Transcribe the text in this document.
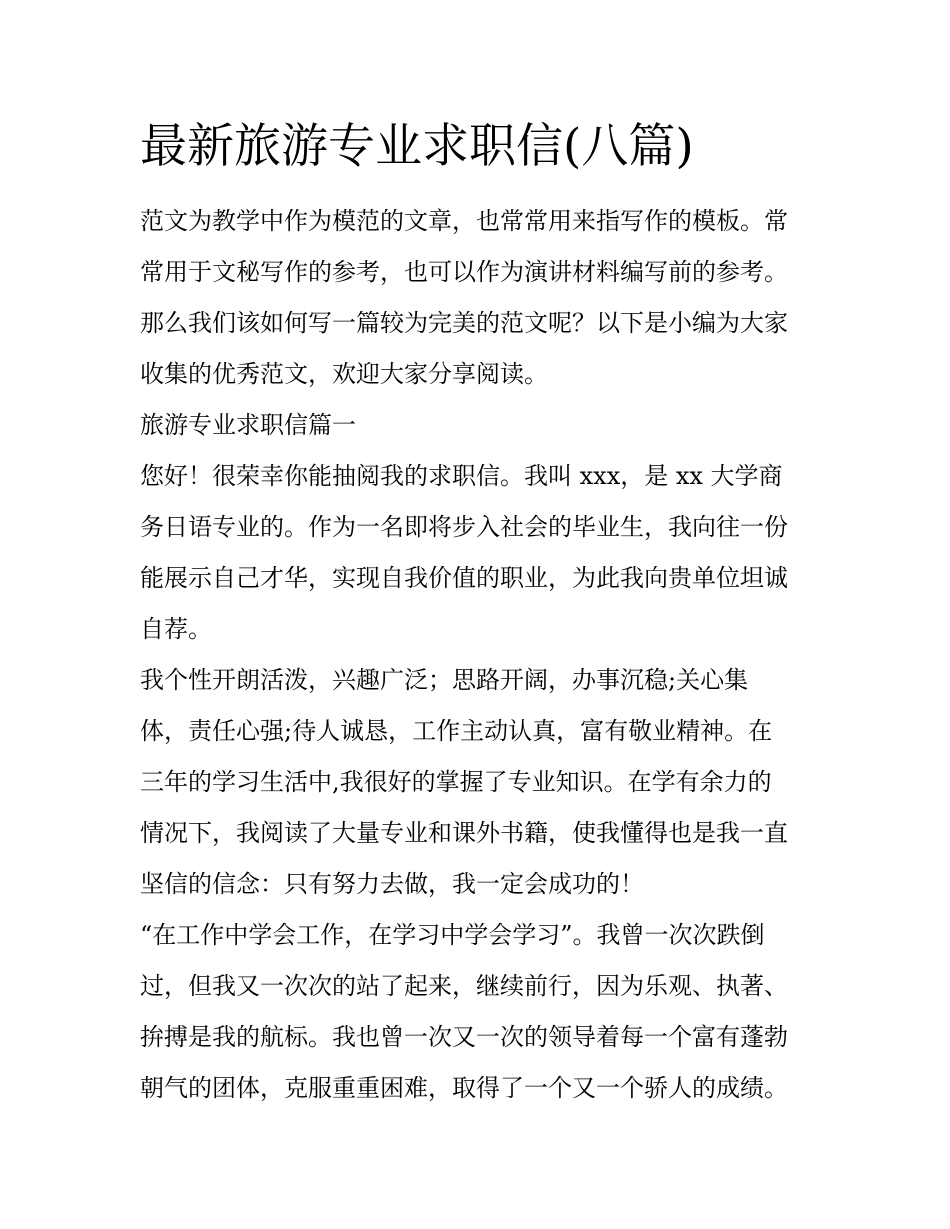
最新旅游专业求职信(八篇)

范文为教学中作为模范的文章，也常常用来指写作的模板。常

常用于文秘写作的参考，也可以作为演讲材料编写前的参考。

那么我们该如何写一篇较为完美的范文呢？以下是小编为大家

收集的优秀范文，欢迎大家分享阅读。

旅游专业求职信篇一

您好！很荣幸你能抽阅我的求职信。我叫 xxx，是 xx 大学商

务日语专业的。作为一名即将步入社会的毕业生，我向往一份

能展示自己才华，实现自我价值的职业，为此我向贵单位坦诚

自荐。

我个性开朗活泼，兴趣广泛；思路开阔，办事沉稳;关心集

体，责任心强;待人诚恳，工作主动认真，富有敬业精神。在

三年的学习生活中,我很好的掌握了专业知识。在学有余力的

情况下，我阅读了大量专业和课外书籍，使我懂得也是我一直

坚信的信念：只有努力去做，我一定会成功的！

“在工作中学会工作，在学习中学会学习”。我曾一次次跌倒

过，但我又一次次的站了起来，继续前行，因为乐观、执著、

拚搏是我的航标。我也曾一次又一次的领导着每一个富有蓬勃

朝气的团体，克服重重困难，取得了一个又一个骄人的成绩。
